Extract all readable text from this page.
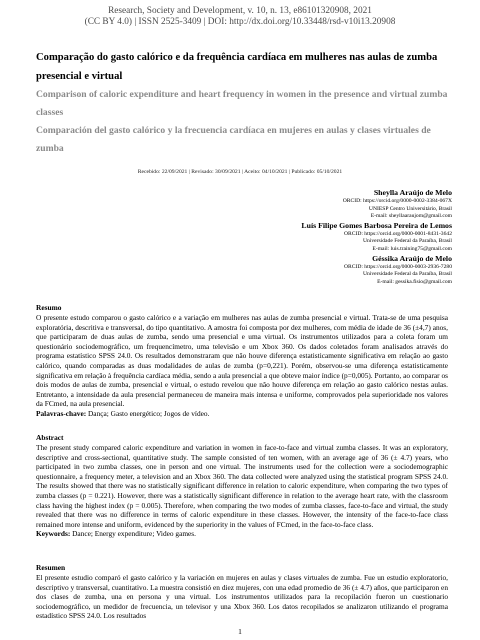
Research, Society and Development, v. 10, n. 13, e86101320908, 2021
(CC BY 4.0) | ISSN 2525-3409 | DOI: http://dx.doi.org/10.33448/rsd-v10i13.20908

Comparação do gasto calórico e da frequência cardíaca em mulheres nas aulas de zumba presencial e virtual

Comparison of caloric expenditure and heart frequency in women in the presence and virtual zumba classes

Comparación del gasto calórico y la frecuencia cardíaca en mujeres en aulas y clases virtuales de zumba

Recebido: 22/09/2021 | Revisado: 30/09/2021 | Aceito: 04/10/2021 | Publicado: 05/10/2021
Sheylla Araújo de Melo
ORCID: https://orcid.org/0000-0002-3384-067X
UNIESP Centro Universitário, Brasil
E-mail: sheyllaaraujom@gmail.com
Luís Filipe Gomes Barbosa Pereira de Lemos
ORCID: https://orcid.org/0000-0001-8431-3642
Universidade Federal da Paraíba, Brasil
E-mail: luis.training75@gmail.com
Géssika Araújo de Melo
ORCID: https://orcid.org/0000-0003-2936-7280
Universidade Federal da Paraíba, Brasil
E-mail: gessika.fisio@gmail.com
Resumo

O presente estudo comparou o gasto calórico e a variação em mulheres nas aulas de zumba presencial e virtual. Trata-se de uma pesquisa exploratória, descritiva e transversal, do tipo quantitativo. A amostra foi composta por dez mulheres, com média de idade de 36 (±4,7) anos, que participaram de duas aulas de zumba, sendo uma presencial e uma virtual. Os instrumentos utilizados para a coleta foram um questionário sociodemográfico, um frequencímetro, uma televisão e um Xbox 360. Os dados coletados foram analisados através do programa estatístico SPSS 24.0. Os resultados demonstraram que não houve diferença estatisticamente significativa em relação ao gasto calórico, quando comparadas as duas modalidades de aulas de zumba (p=0,221). Porém, observou-se uma diferença estatisticamente significativa em relação à frequência cardíaca média, sendo a aula presencial a que obteve maior índice (p=0,005). Portanto, ao comparar os dois modos de aulas de zumba, presencial e virtual, o estudo revelou que não houve diferença em relação ao gasto calórico nestas aulas. Entretanto, a intensidade da aula presencial permaneceu de maneira mais intensa e uniforme, comprovados pela superioridade nos valores da FCmed, na aula presencial.

Palavras-chave: Dança; Gasto energético; Jogos de vídeo.
Abstract

The present study compared caloric expenditure and variation in women in face-to-face and virtual zumba classes. It was an exploratory, descriptive and cross-sectional, quantitative study. The sample consisted of ten women, with an average age of 36 (± 4.7) years, who participated in two zumba classes, one in person and one virtual. The instruments used for the collection were a sociodemographic questionnaire, a frequency meter, a television and an Xbox 360. The data collected were analyzed using the statistical program SPSS 24.0. The results showed that there was no statistically significant difference in relation to caloric expenditure, when comparing the two types of zumba classes (p = 0.221). However, there was a statistically significant difference in relation to the average heart rate, with the classroom class having the highest index (p = 0.005). Therefore, when comparing the two modes of zumba classes, face-to-face and virtual, the study revealed that there was no difference in terms of caloric expenditure in these classes. However, the intensity of the face-to-face class remained more intense and uniform, evidenced by the superiority in the values of FCmed, in the face-to-face class.

Keywords: Dance; Energy expenditure; Video games.
Resumen

El presente estudio comparó el gasto calórico y la variación en mujeres en aulas y clases virtuales de zumba. Fue un estudio exploratorio, descriptivo y transversal, cuantitativo. La muestra consistió en diez mujeres, con una edad promedio de 36 (± 4.7) años, que participaron en dos clases de zumba, una en persona y una virtual. Los instrumentos utilizados para la recopilación fueron un cuestionario sociodemográfico, un medidor de frecuencia, un televisor y una Xbox 360. Los datos recopilados se analizaron utilizando el programa estadístico SPSS 24.0. Los resultados

1
